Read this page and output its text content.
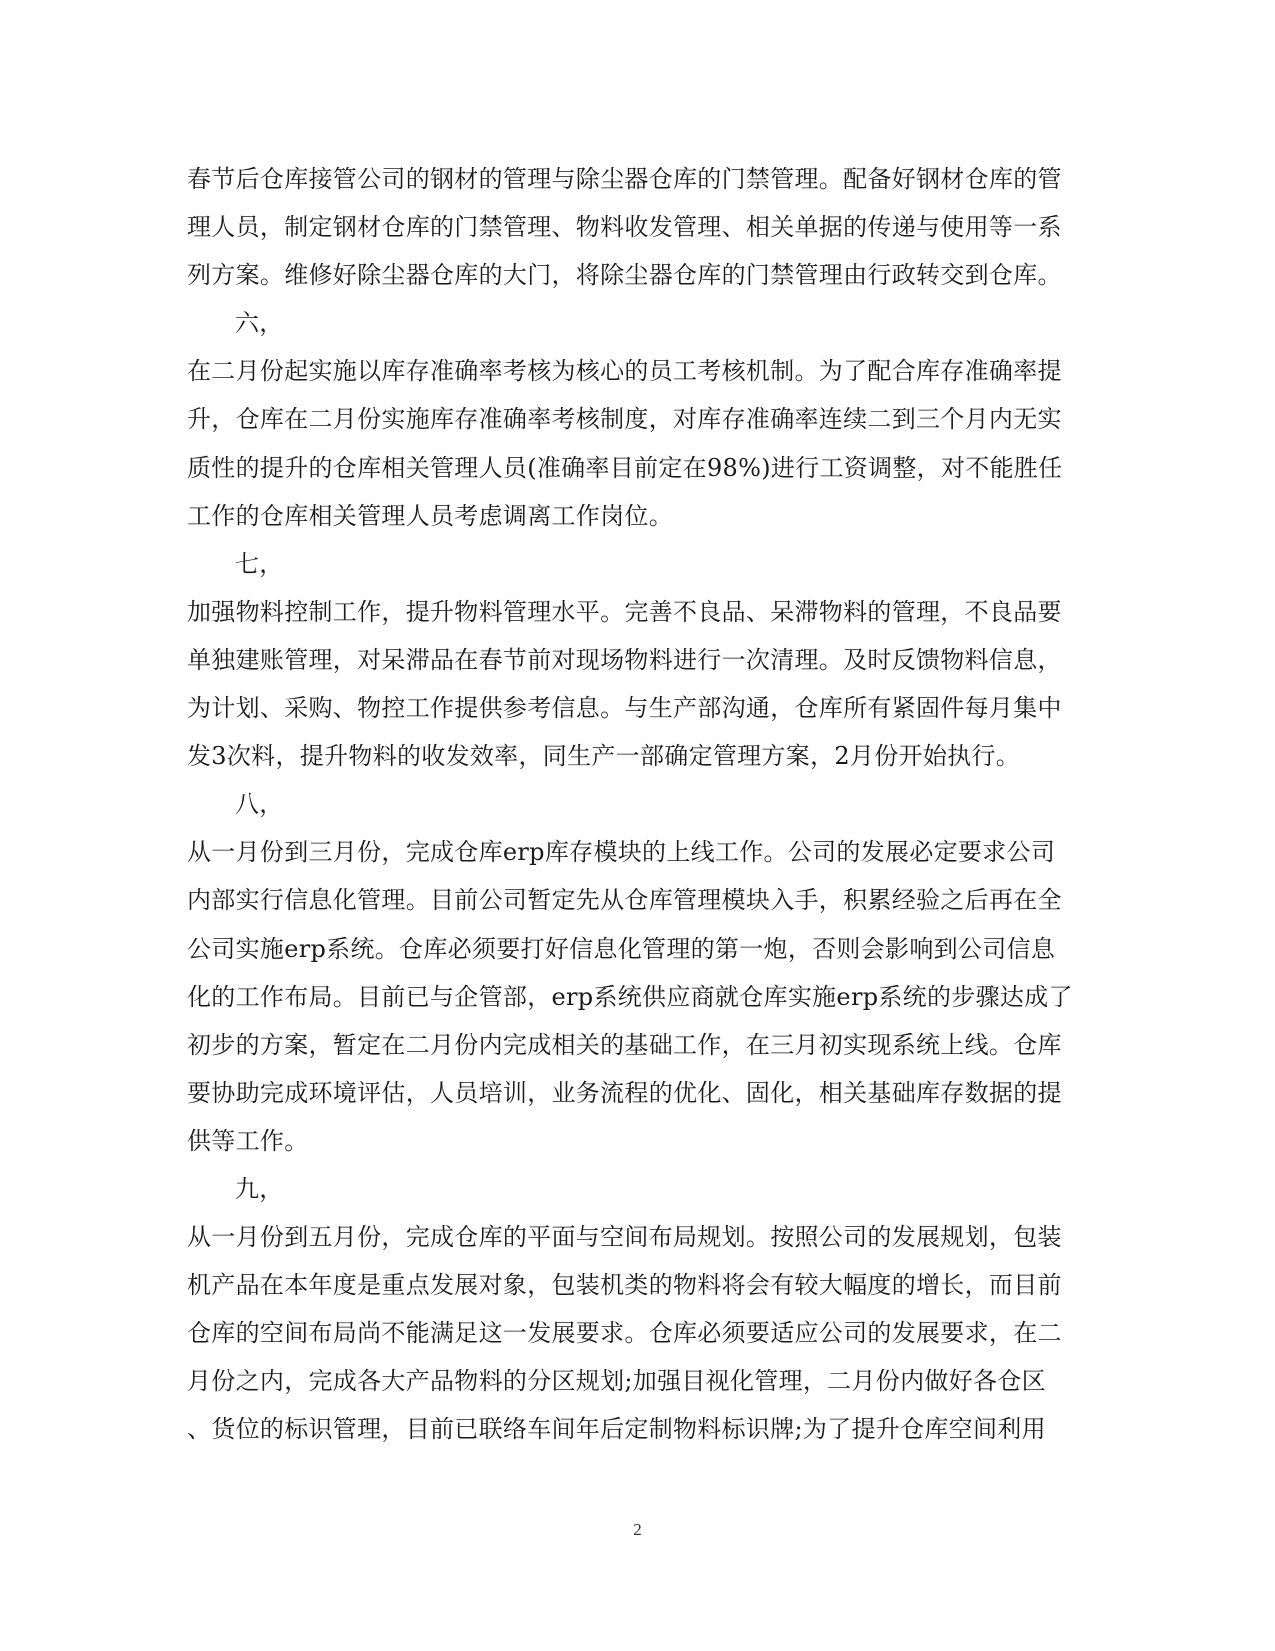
春节后仓库接管公司的钢材的管理与除尘器仓库的门禁管理。配备好钢材仓库的管
理人员，制定钢材仓库的门禁管理、物料收发管理、相关单据的传递与使用等一系
列方案。维修好除尘器仓库的大门，将除尘器仓库的门禁管理由行政转交到仓库。
六，
在二月份起实施以库存准确率考核为核心的员工考核机制。为了配合库存准确率提
升，仓库在二月份实施库存准确率考核制度，对库存准确率连续二到三个月内无实
质性的提升的仓库相关管理人员(准确率目前定在98%)进行工资调整，对不能胜任
工作的仓库相关管理人员考虑调离工作岗位。
七，
加强物料控制工作，提升物料管理水平。完善不良品、呆滞物料的管理，不良品要
单独建账管理，对呆滞品在春节前对现场物料进行一次清理。及时反馈物料信息，
为计划、采购、物控工作提供参考信息。与生产部沟通，仓库所有紧固件每月集中
发3次料，提升物料的收发效率，同生产一部确定管理方案，2月份开始执行。
八，
从一月份到三月份，完成仓库erp库存模块的上线工作。公司的发展必定要求公司
内部实行信息化管理。目前公司暂定先从仓库管理模块入手，积累经验之后再在全
公司实施erp系统。仓库必须要打好信息化管理的第一炮，否则会影响到公司信息
化的工作布局。目前已与企管部，erp系统供应商就仓库实施erp系统的步骤达成了
初步的方案，暂定在二月份内完成相关的基础工作，在三月初实现系统上线。仓库
要协助完成环境评估，人员培训，业务流程的优化、固化，相关基础库存数据的提
供等工作。
九，
从一月份到五月份，完成仓库的平面与空间布局规划。按照公司的发展规划，包装
机产品在本年度是重点发展对象，包装机类的物料将会有较大幅度的增长，而目前
仓库的空间布局尚不能满足这一发展要求。仓库必须要适应公司的发展要求，在二
月份之内，完成各大产品物料的分区规划;加强目视化管理，二月份内做好各仓区
、货位的标识管理，目前已联络车间年后定制物料标识牌;为了提升仓库空间利用
2
